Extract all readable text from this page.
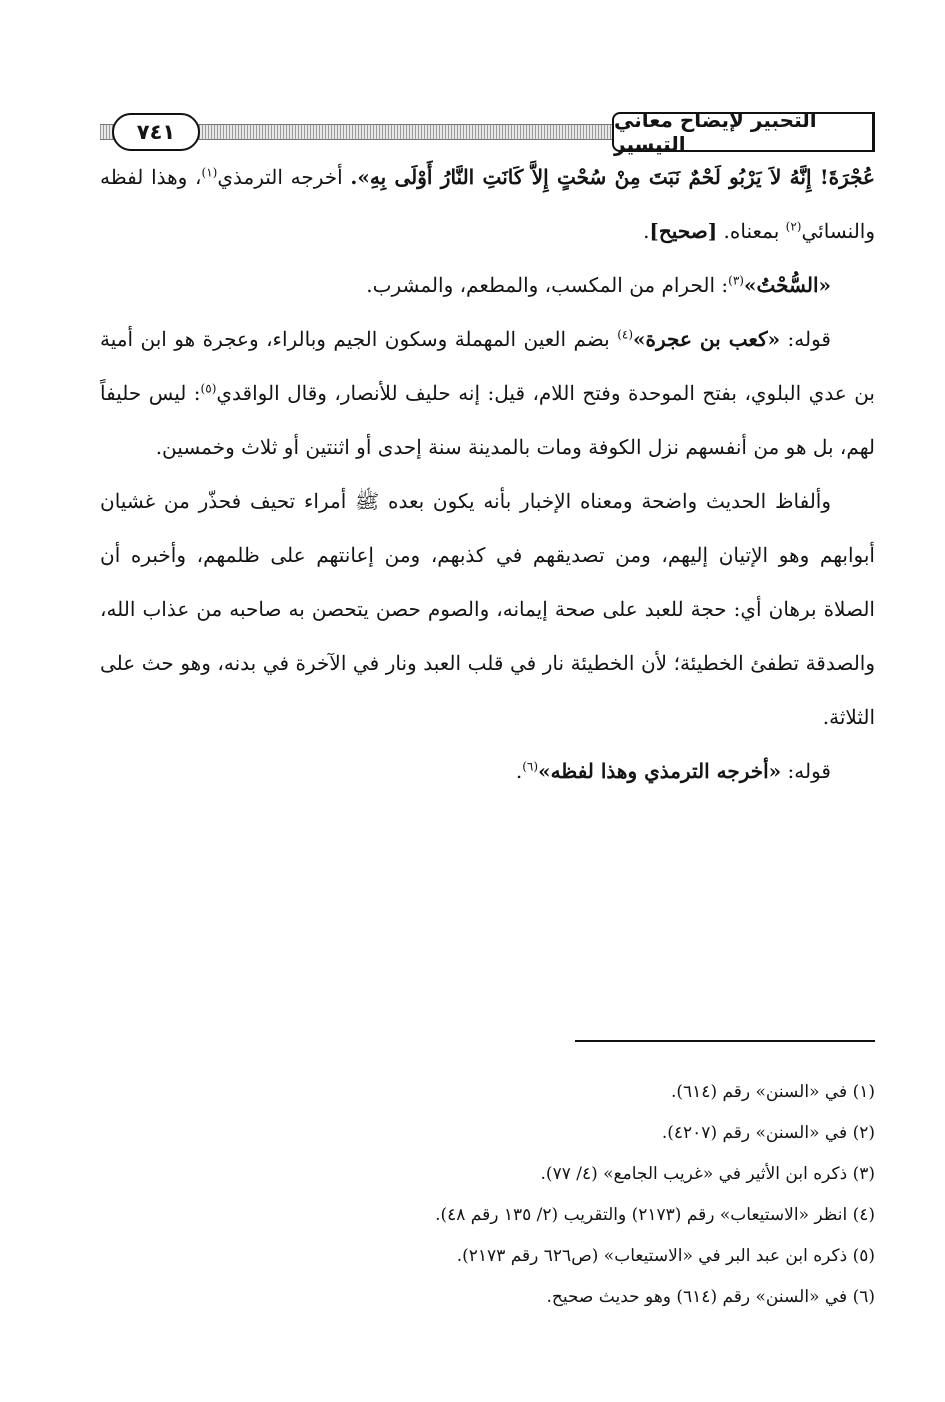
التحبير لإيضاح معاني التيسير
٧٤١

عُجْرَةَ! إِنَّهُ لاَ يَرْبُو لَحْمٌ نَبَتَ مِنْ سُحْتٍ إِلاَّ كَانَتِ النَّارُ أَوْلَى بِهِ». أخرجه الترمذي$^{(١)}$، وهذا لفظه والنسائي$^{(٢)}$ بمعناه. [صحيح].

«السُّحْتُ»$^{(٣)}$: الحرام من المكسب، والمطعم، والمشرب.

قوله: «كعب بن عجرة»$^{(٤)}$ بضم العين المهملة وسكون الجيم وبالراء، وعجرة هو ابن أمية بن عدي البلوي، بفتح الموحدة وفتح اللام، قيل: إنه حليف للأنصار، وقال الواقدي$^{(٥)}$: ليس حليفاً لهم، بل هو من أنفسهم نزل الكوفة ومات بالمدينة سنة إحدى أو اثنتين أو ثلاث وخمسين.

وألفاظ الحديث واضحة ومعناه الإخبار بأنه يكون بعده ﷺ أمراء تحيف فحذّر من غشيان أبوابهم وهو الإتيان إليهم، ومن تصديقهم في كذبهم، ومن إعانتهم على ظلمهم، وأخبره أن الصلاة برهان أي: حجة للعبد على صحة إيمانه، والصوم حصن يتحصن به صاحبه من عذاب الله، والصدقة تطفئ الخطيئة؛ لأن الخطيئة نار في قلب العبد ونار في الآخرة في بدنه، وهو حث على الثلاثة.

قوله: «أخرجه الترمذي وهذا لفظه»$^{(٦)}$.

(١) في «السنن» رقم (٦١٤).

(٢) في «السنن» رقم (٤٢٠٧).

(٣) ذكره ابن الأثير في «غريب الجامع» (٤/ ٧٧).

(٤) انظر «الاستيعاب» رقم (٢١٧٣) والتقريب (٢/ ١٣٥ رقم ٤٨).

(٥) ذكره ابن عبد البر في «الاستيعاب» (ص٦٢٦ رقم ٢١٧٣).

(٦) في «السنن» رقم (٦١٤) وهو حديث صحيح.
